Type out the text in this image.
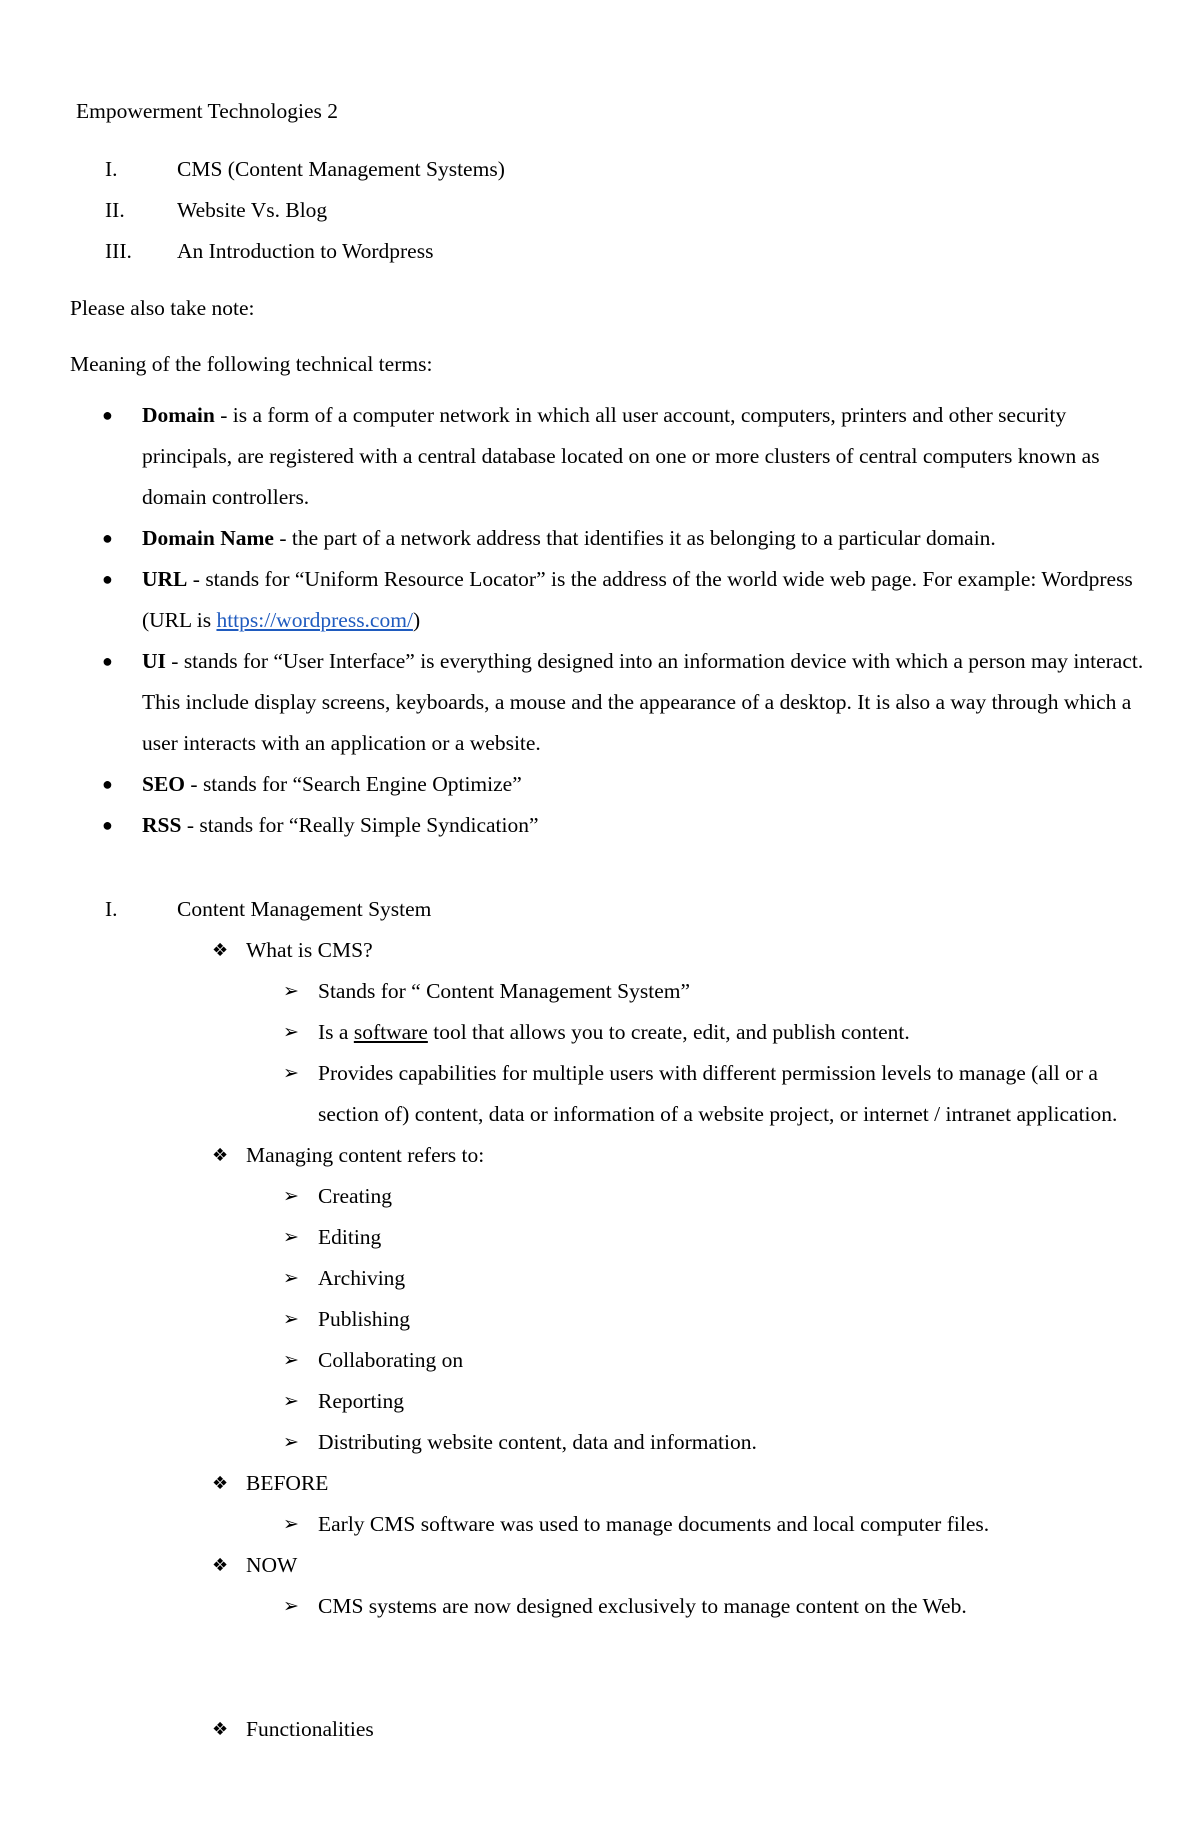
Empowerment Technologies 2
I.	CMS (Content Management Systems)
II.	Website Vs. Blog
III.	An Introduction to Wordpress
Please also take note:
Meaning of the following technical terms:
● Domain - is a form of a computer network in which all user account, computers, printers and other security principals, are registered with a central database located on one or more clusters of central computers known as domain controllers.
● Domain Name - the part of a network address that identifies it as belonging to a particular domain.
● URL - stands for “Uniform Resource Locator” is the address of the world wide web page. For example: Wordpress (URL is https://wordpress.com/)
● UI - stands for “User Interface” is everything designed into an information device with which a person may interact. This include display screens, keyboards, a mouse and the appearance of a desktop. It is also a way through which a user interacts with an application or a website.
● SEO - stands for “Search Engine Optimize”
● RSS - stands for “Really Simple Syndication”
I.	Content Management System
❖ What is CMS?
➢ Stands for “ Content Management System”
➢ Is a software tool that allows you to create, edit, and publish content.
➢ Provides capabilities for multiple users with different permission levels to manage (all or a section of) content, data or information of a website project, or internet / intranet application.
❖ Managing content refers to:
➢ Creating
➢ Editing
➢ Archiving
➢ Publishing
➢ Collaborating on
➢ Reporting
➢ Distributing website content, data and information.
❖ BEFORE
➢ Early CMS software was used to manage documents and local computer files.
❖ NOW
➢ CMS systems are now designed exclusively to manage content on the Web.
❖ Functionalities
